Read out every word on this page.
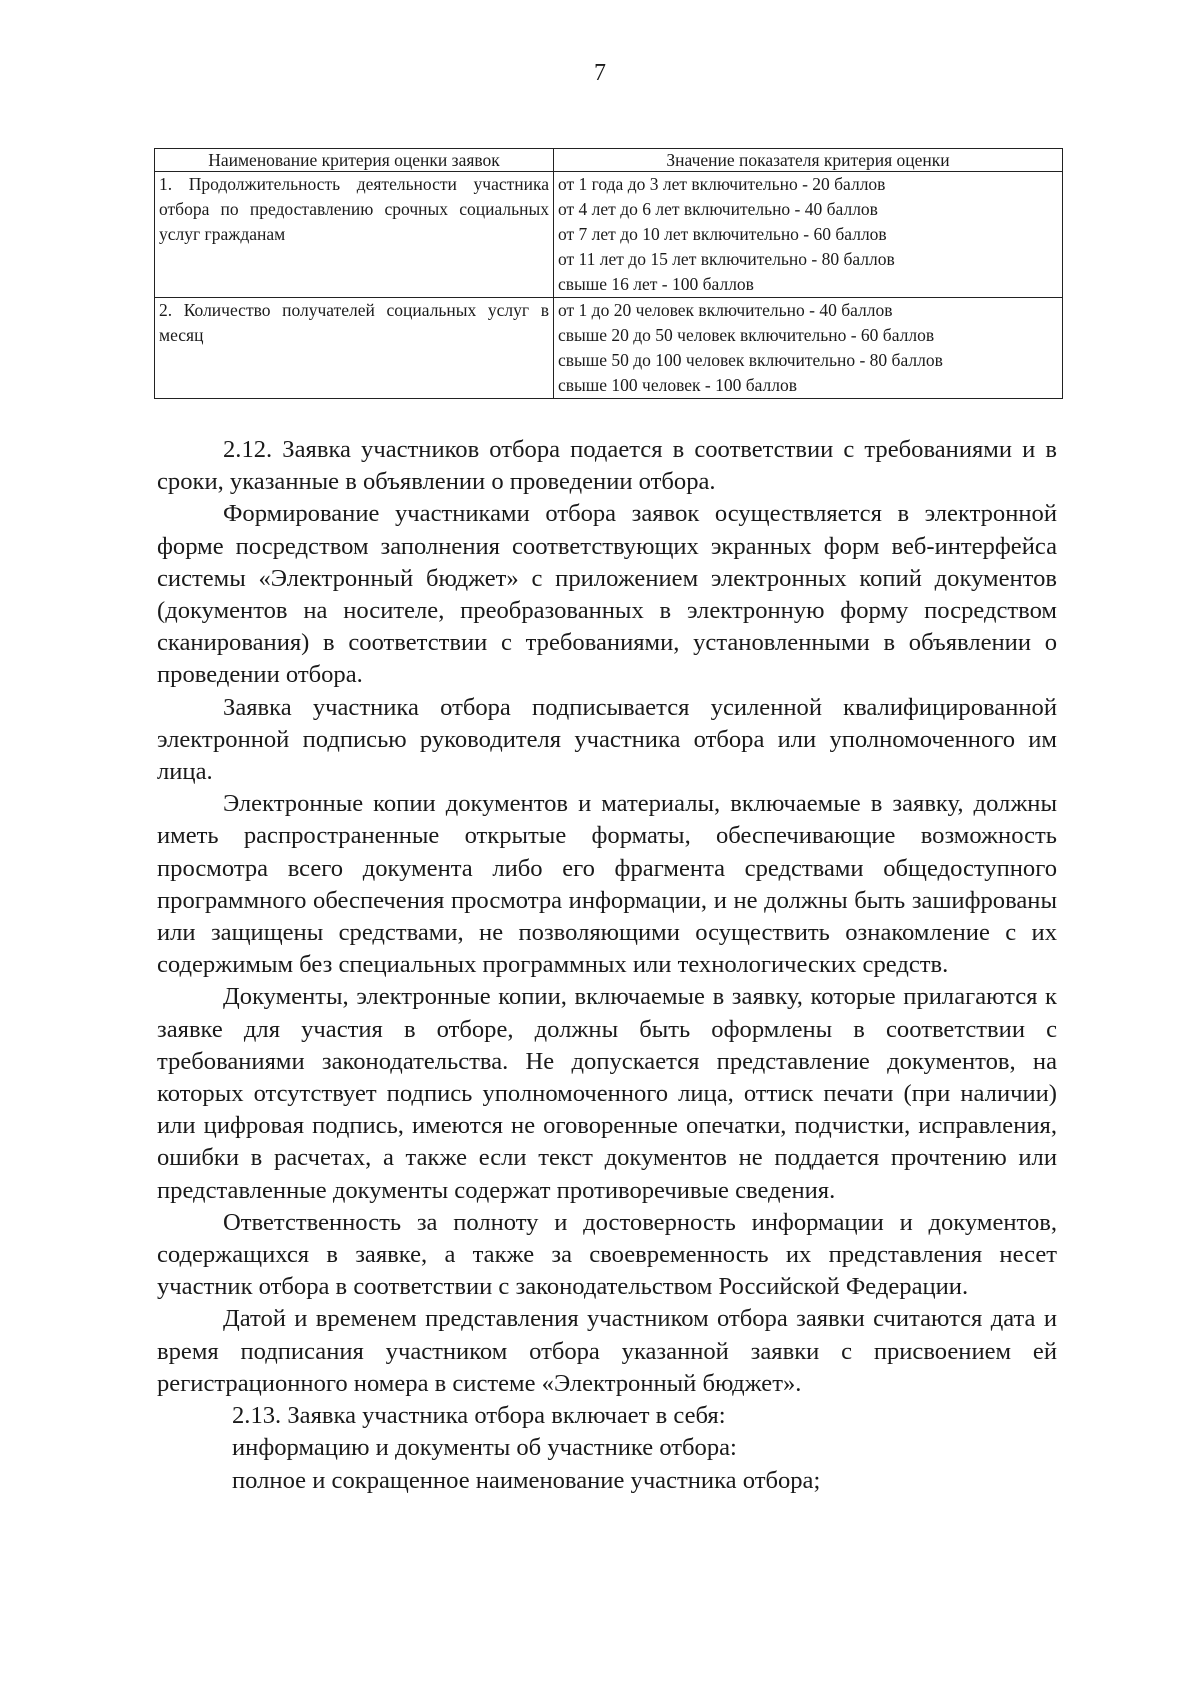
7
Наименование критерия оценки заявок	Значение показателя критерия оценки
1. Продолжительность деятельности участника отбора по предоставлению срочных социальных услуг гражданам	от 1 года до 3 лет включительно - 20 баллов
от 4 лет до 6 лет включительно - 40 баллов
от 7 лет до 10 лет включительно - 60 баллов
от 11 лет до 15 лет включительно - 80 баллов
свыше 16 лет - 100 баллов

2. Количество получателей социальных услуг в месяц	от 1 до 20 человек включительно - 40 баллов
свыше 20 до 50 человек включительно - 60 баллов
свыше 50 до 100 человек включительно - 80 баллов
свыше 100 человек - 100 баллов

2.12. Заявка участников отбора подается в соответствии с требованиями и в сроки, указанные в объявлении о проведении отбора.

Формирование участниками отбора заявок осуществляется в электронной форме посредством заполнения соответствующих экранных форм веб-интерфейса системы «Электронный бюджет» с приложением электронных копий документов (документов на носителе, преобразованных в электронную форму посредством сканирования) в соответствии с требованиями, установленными в объявлении о проведении отбора.

Заявка участника отбора подписывается усиленной квалифицированной электронной подписью руководителя участника отбора или уполномоченного им лица.

Электронные копии документов и материалы, включаемые в заявку, должны иметь распространенные открытые форматы, обеспечивающие возможность просмотра всего документа либо его фрагмента средствами общедоступного программного обеспечения просмотра информации, и не должны быть зашифрованы или защищены средствами, не позволяющими осуществить ознакомление с их содержимым без специальных программных или технологических средств.

Документы, электронные копии, включаемые в заявку, которые прилагаются к заявке для участия в отборе, должны быть оформлены в соответствии с требованиями законодательства. Не допускается представление документов, на которых отсутствует подпись уполномоченного лица, оттиск печати (при наличии) или цифровая подпись, имеются не оговоренные опечатки, подчистки, исправления, ошибки в расчетах, а также если текст документов не поддается прочтению или представленные документы содержат противоречивые сведения.

Ответственность за полноту и достоверность информации и документов, содержащихся в заявке, а также за своевременность их представления несет участник отбора в соответствии с законодательством Российской Федерации.

Датой и временем представления участником отбора заявки считаются дата и время подписания участником отбора указанной заявки с присвоением ей регистрационного номера в системе «Электронный бюджет».

2.13. Заявка участника отбора включает в себя:

информацию и документы об участнике отбора:

полное и сокращенное наименование участника отбора;
